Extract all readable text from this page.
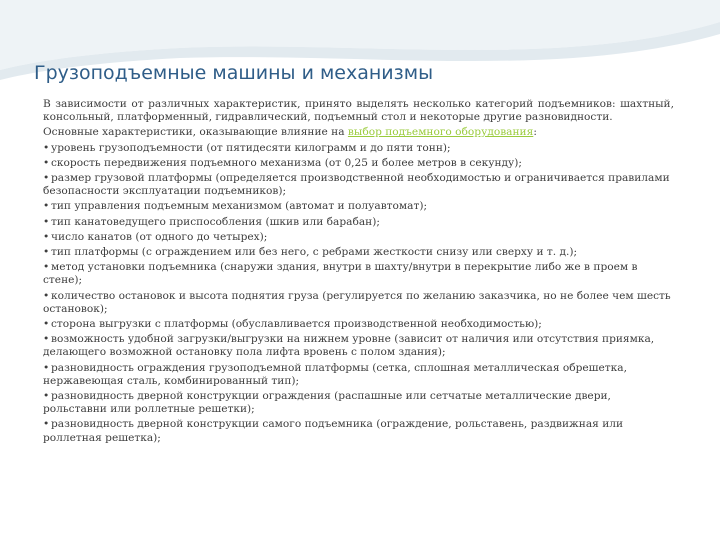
Грузоподъемные машины и механизмы

В зависимости от различных характеристик, принято выделять несколько категорий подъемников: шахтный, консольный, платформенный, гидравлический, подъемный стол и некоторые другие разновидности.

Основные характеристики, оказывающие влияние на выбор подъемного оборудования:

• уровень грузоподъемности (от пятидесяти килограмм и до пяти тонн);
• скорость передвижения подъемного механизма (от 0,25 и более метров в секунду);
• размер грузовой платформы (определяется производственной необходимостью и ограничивается правилами безопасности эксплуатации подъемников);
• тип управления подъемным механизмом (автомат и полуавтомат);
• тип канатоведущего приспособления (шкив или барабан);
• число канатов (от одного до четырех);
• тип платформы (с ограждением или без него, с ребрами жесткости снизу или сверху и т. д.);
• метод установки подъемника (снаружи здания, внутри в шахту/внутри в перекрытие либо же в проем в стене);
• количество остановок и высота поднятия груза (регулируется по желанию заказчика, но не более чем шесть остановок);
• сторона выгрузки с платформы (обуславливается производственной необходимостью);
• возможность удобной загрузки/выгрузки на нижнем уровне (зависит от наличия или отсутствия приямка, делающего возможной остановку пола лифта вровень с полом здания);
• разновидность ограждения грузоподъемной платформы (сетка, сплошная металлическая обрешетка, нержавеющая сталь, комбинированный тип);
• разновидность дверной конструкции ограждения (распашные или сетчатые металлические двери, рольставни или роллетные решетки);
• разновидность дверной конструкции самого подъемника (ограждение, рольставень, раздвижная или роллетная решетка);
